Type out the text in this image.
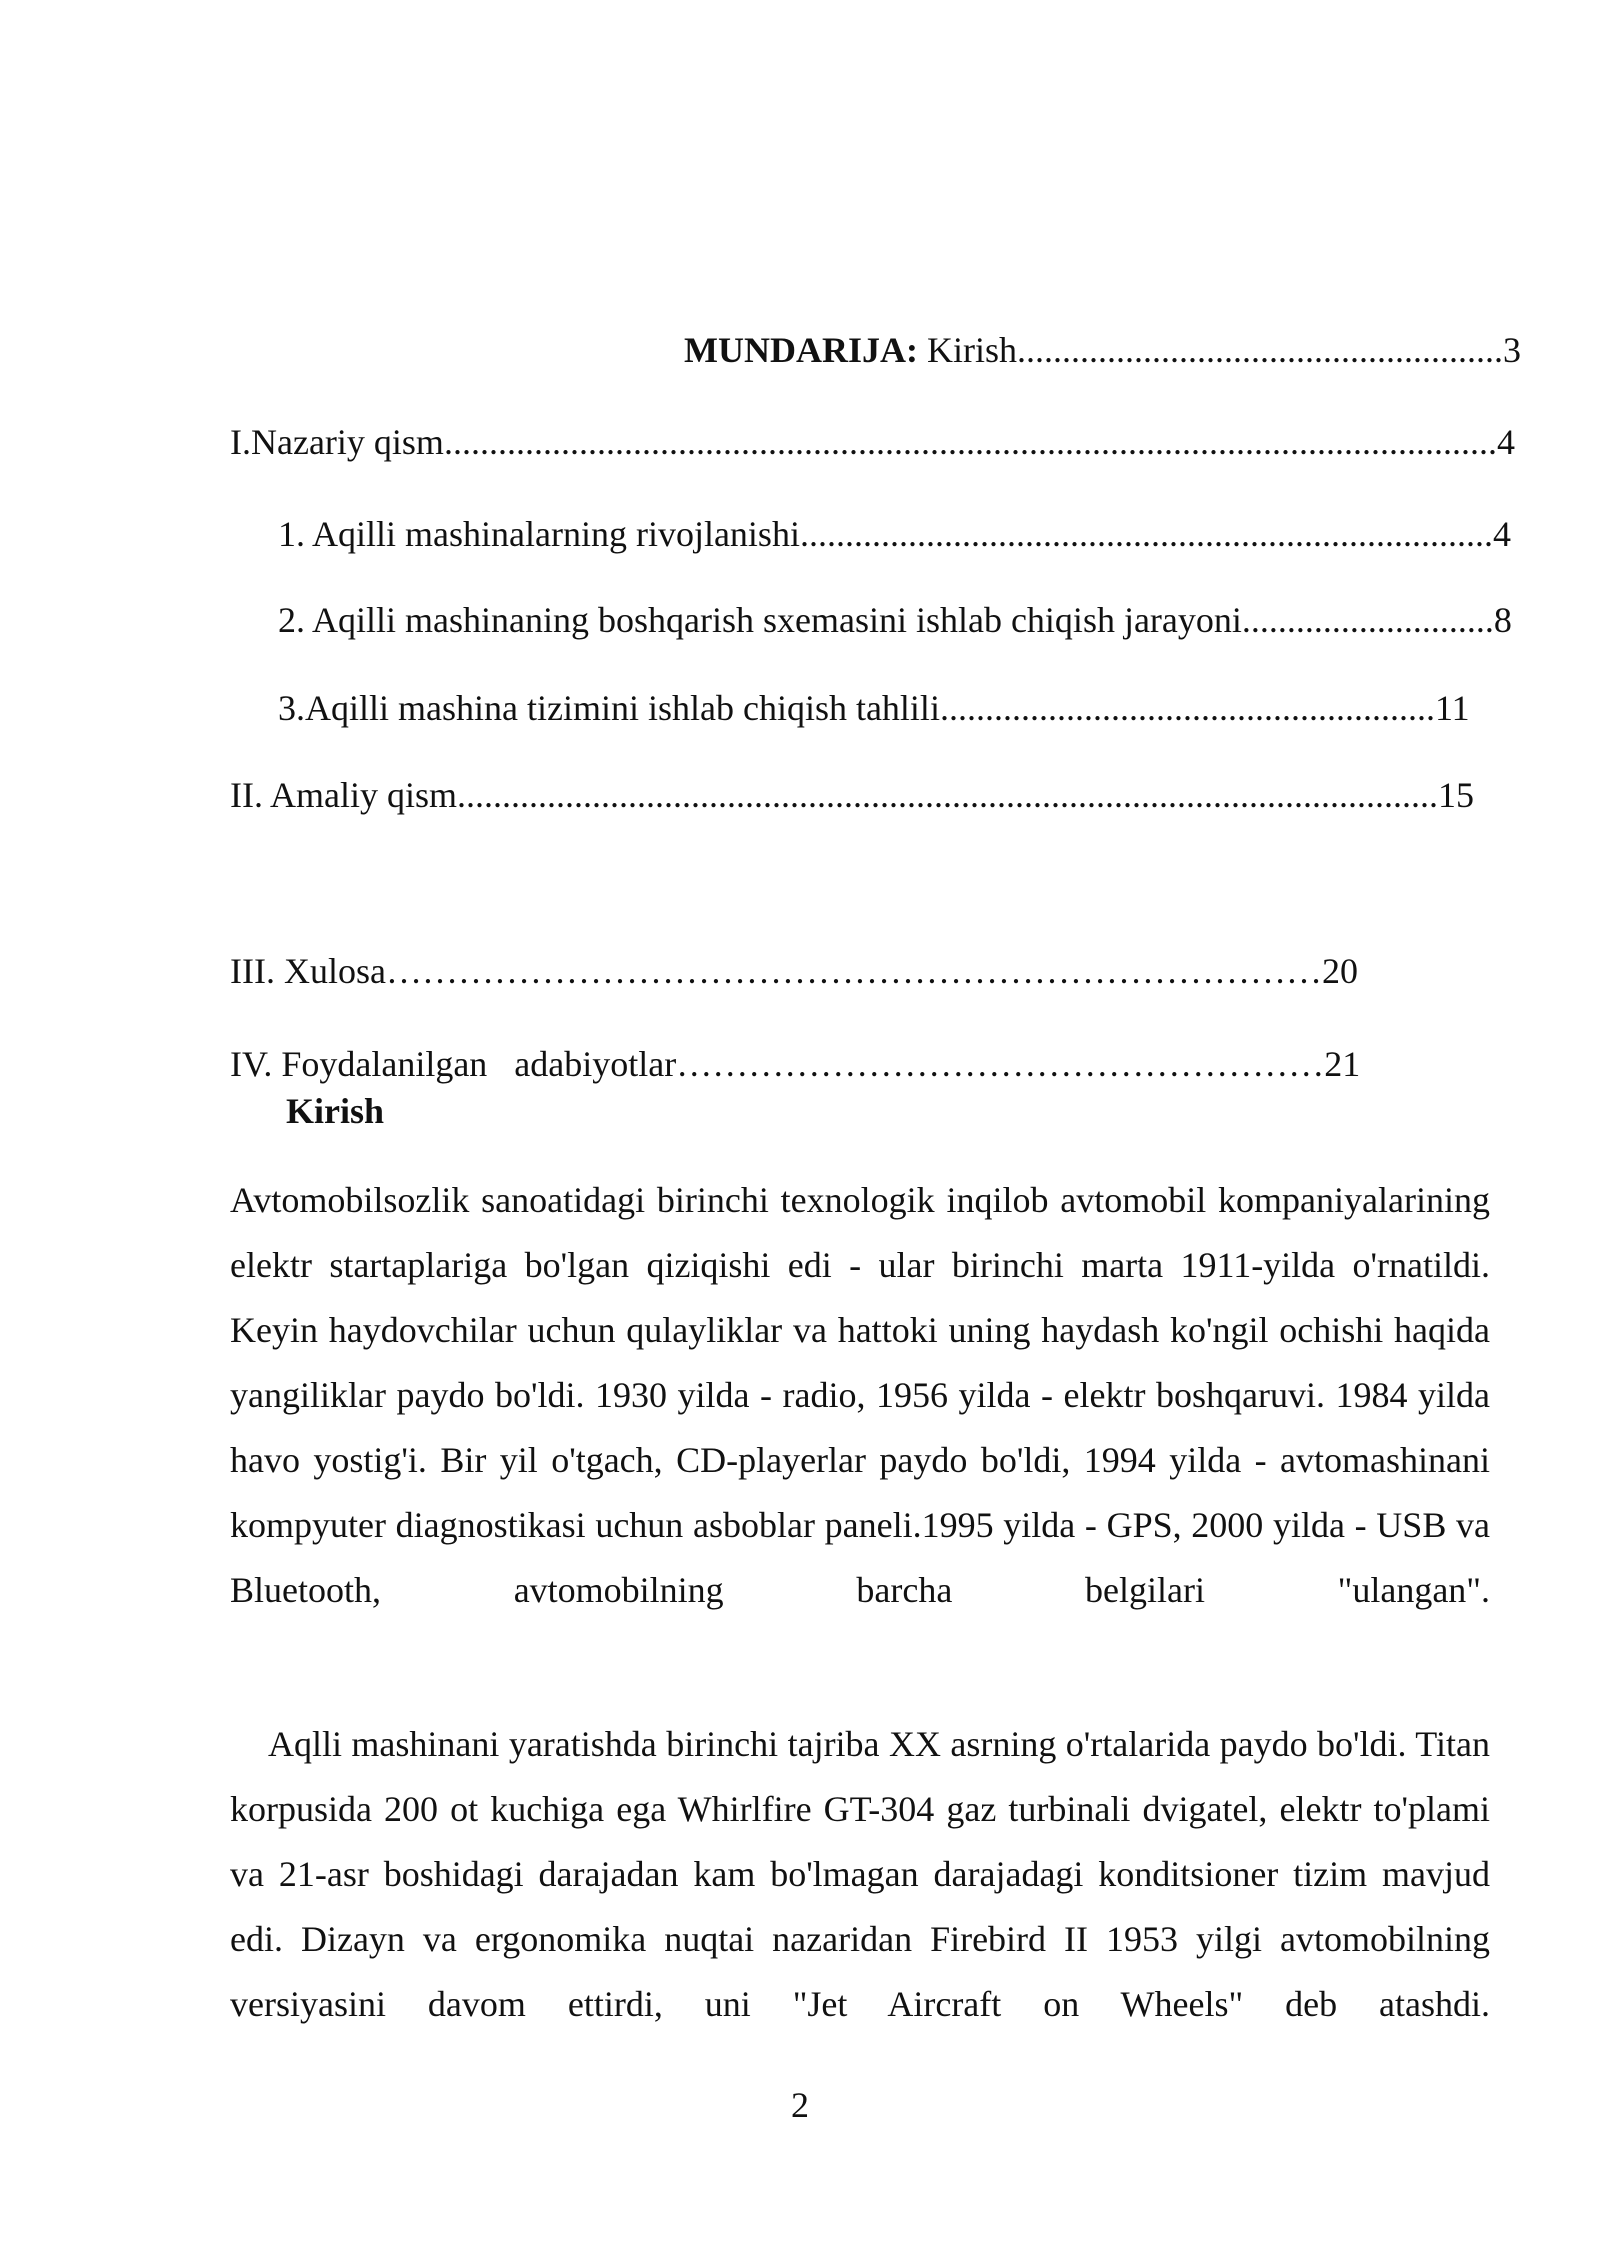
MUNDARIJA: Kirish......................................................3
I.Nazariy qism.....................................................................................................................4
1. Aqilli mashinalarning rivojlanishi.............................................................................4
2. Aqilli mashinaning boshqarish sxemasini ishlab chiqish jarayoni............................8
3.Aqilli mashina tizimini ishlab chiqish tahlili.......................................................11
II. Amaliy qism.............................................................................................................15
III. Xulosa……………………………………………………………………20
IV. Foydalanilgan   adabiyotlar………………………………………………21
Kirish

Avtomobilsozlik sanoatidagi birinchi texnologik inqilob avtomobil kompaniyalarining elektr startaplariga bo'lgan qiziqishi edi - ular birinchi marta 1911-yilda o'rnatildi. Keyin haydovchilar uchun qulayliklar va hattoki uning haydash ko'ngil ochishi haqida yangiliklar paydo bo'ldi. 1930 yilda - radio, 1956 yilda - elektr boshqaruvi. 1984 yilda havo yostig'i. Bir yil o'tgach, CD-playerlar paydo bo'ldi, 1994 yilda - avtomashinani kompyuter diagnostikasi uchun asboblar paneli.1995 yilda - GPS, 2000 yilda - USB va Bluetooth, avtomobilning barcha belgilari "ulangan".

Aqlli mashinani yaratishda birinchi tajriba XX asrning o'rtalarida paydo bo'ldi. Titan korpusida 200 ot kuchiga ega Whirlfire GT-304 gaz turbinali dvigatel, elektr to'plami va 21-asr boshidagi darajadan kam bo'lmagan darajadagi konditsioner tizim mavjud edi. Dizayn va ergonomika nuqtai nazaridan Firebird II 1953 yilgi avtomobilning versiyasini davom ettirdi, uni "Jet Aircraft on Wheels" deb atashdi.

2
